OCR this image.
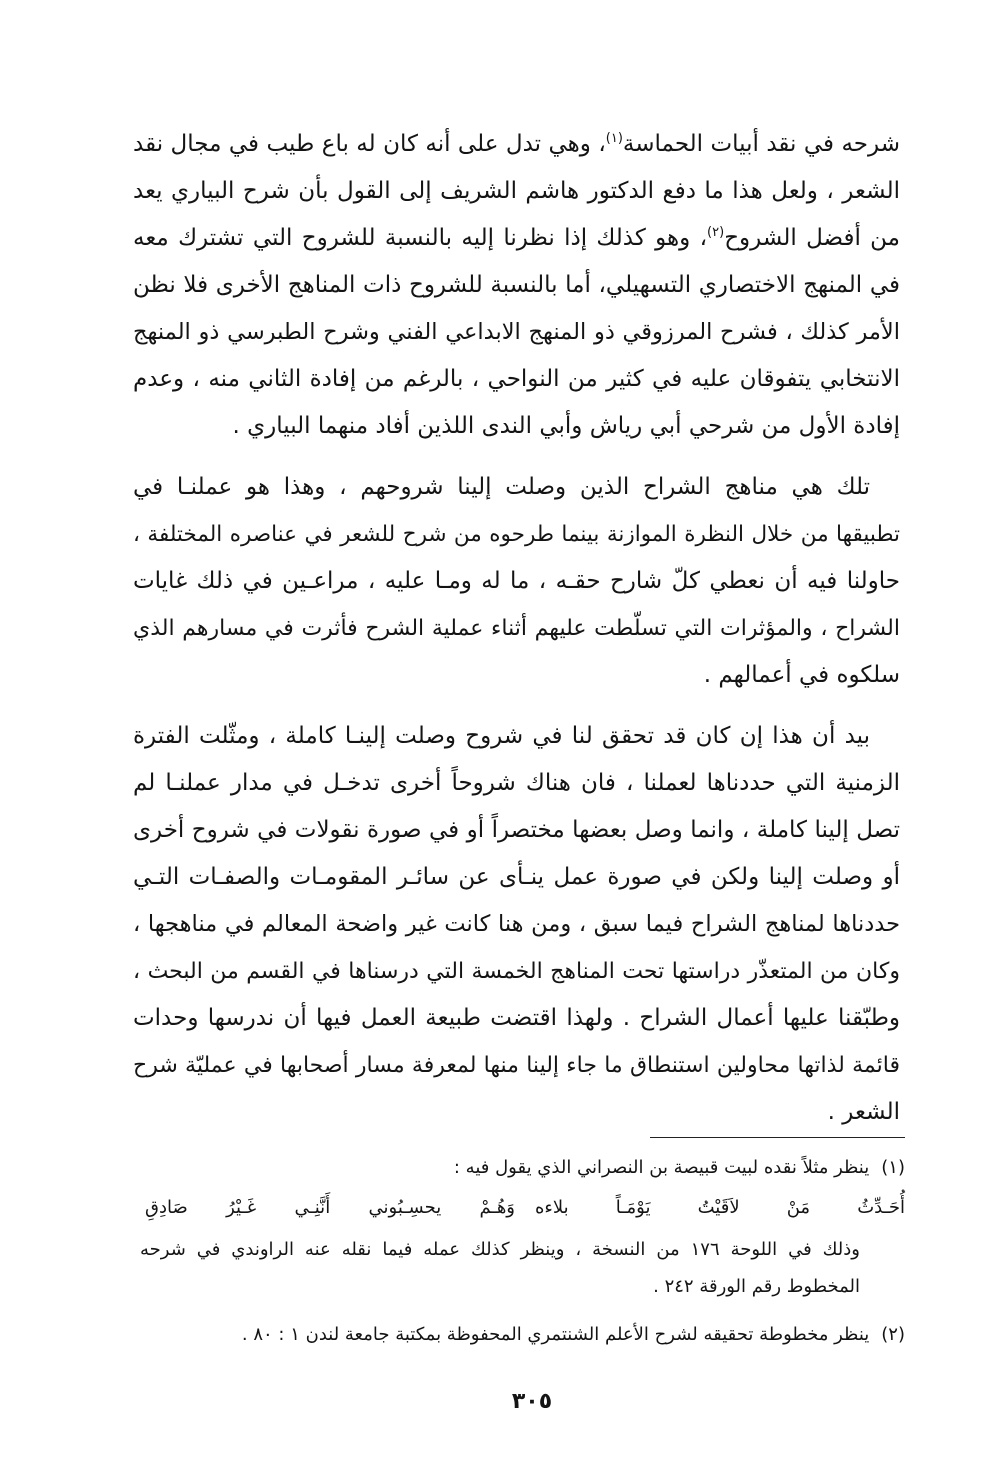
شرحه في نقد أبيات الحماسة$^{(١)}$، وهي تدل على أنه كان له باع طيب في مجال نقد
الشعر ، ولعل هذا ما دفع الدكتور هاشم الشريف إلى القول بأن شرح البياري يعد
من أفضل الشروح$^{(٢)}$، وهو كذلك إذا نظرنا إليه بالنسبة للشروح التي تشترك معه
في المنهج الاختصاري التسهيلي، أما بالنسبة للشروح ذات المناهج الأخرى فلا نظن
الأمر كذلك ، فشرح المرزوقي ذو المنهج الابداعي الفني وشرح الطبرسي ذو المنهج
الانتخابي يتفوقان عليه في كثير من النواحي ، بالرغم من إفادة الثاني منه ، وعدم
إفادة الأول من شرحي أبي رياش وأبي الندى اللذين أفاد منهما البياري .
تلك هي مناهج الشراح الذين وصلت إلينا شروحهم ، وهذا هو عملنـا في
تطبيقها من خلال النظرة الموازنة بينما طرحوه من شرح للشعر في عناصره المختلفة ،
حاولنا فيه أن نعطي كلّ شارح حقـه ، ما له ومـا عليه ، مراعـين في ذلك غايات
الشراح ، والمؤثرات التي تسلّطت عليهم أثناء عملية الشرح فأثرت في مسارهم الذي
سلكوه في أعمالهم .
بيد أن هذا إن كان قد تحقق لنا في شروح وصلت إلينـا كاملة ، ومثّلت الفترة
الزمنية التي حددناها لعملنا ، فان هناك شروحاً أخرى تدخـل في مدار عملنـا لم
تصل إلينا كاملة ، وانما وصل بعضها مختصراً أو في صورة نقولات في شروح أخرى
أو وصلت إلينا ولكن في صورة عمل ينـأى عن سائـر المقومـات والصفـات التـي
حددناها لمناهج الشراح فيما سبق ، ومن هنا كانت غير واضحة المعالم في مناهجها ،
وكان من المتعذّر دراستها تحت المناهج الخمسة التي درسناها في القسم من البحث ،
وطبّقنا عليها أعمال الشراح . ولهذا اقتضت طبيعة العمل فيها أن ندرسها وحدات
قائمة لذاتها محاولين استنطاق ما جاء إلينا منها لمعرفة مسار أصحابها في عمليّة شرح
الشعر .
(١)ينظر مثلاً نقده لبيت قبيصة بن النصراني الذي يقول فيه :
أُحَـدِّثُ مَنْ لاَقَيْتُ يَوْمَـاً بلاءه
وَهُـمْ يحسِـبُوني أَنَّنِـي غَـيْرُ صَادِقِ
وذلك في اللوحة ١٧٦ من النسخة ، وينظر كذلك عمله فيما نقله عنه الراوندي في شرحه
المخطوط رقم الورقة ٢٤٢ .
(٢)ينظر مخطوطة تحقيقه لشرح الأعلم الشنتمري المحفوظة بمكتبة جامعة لندن ١ : ٨٠ .
٣٠٥
